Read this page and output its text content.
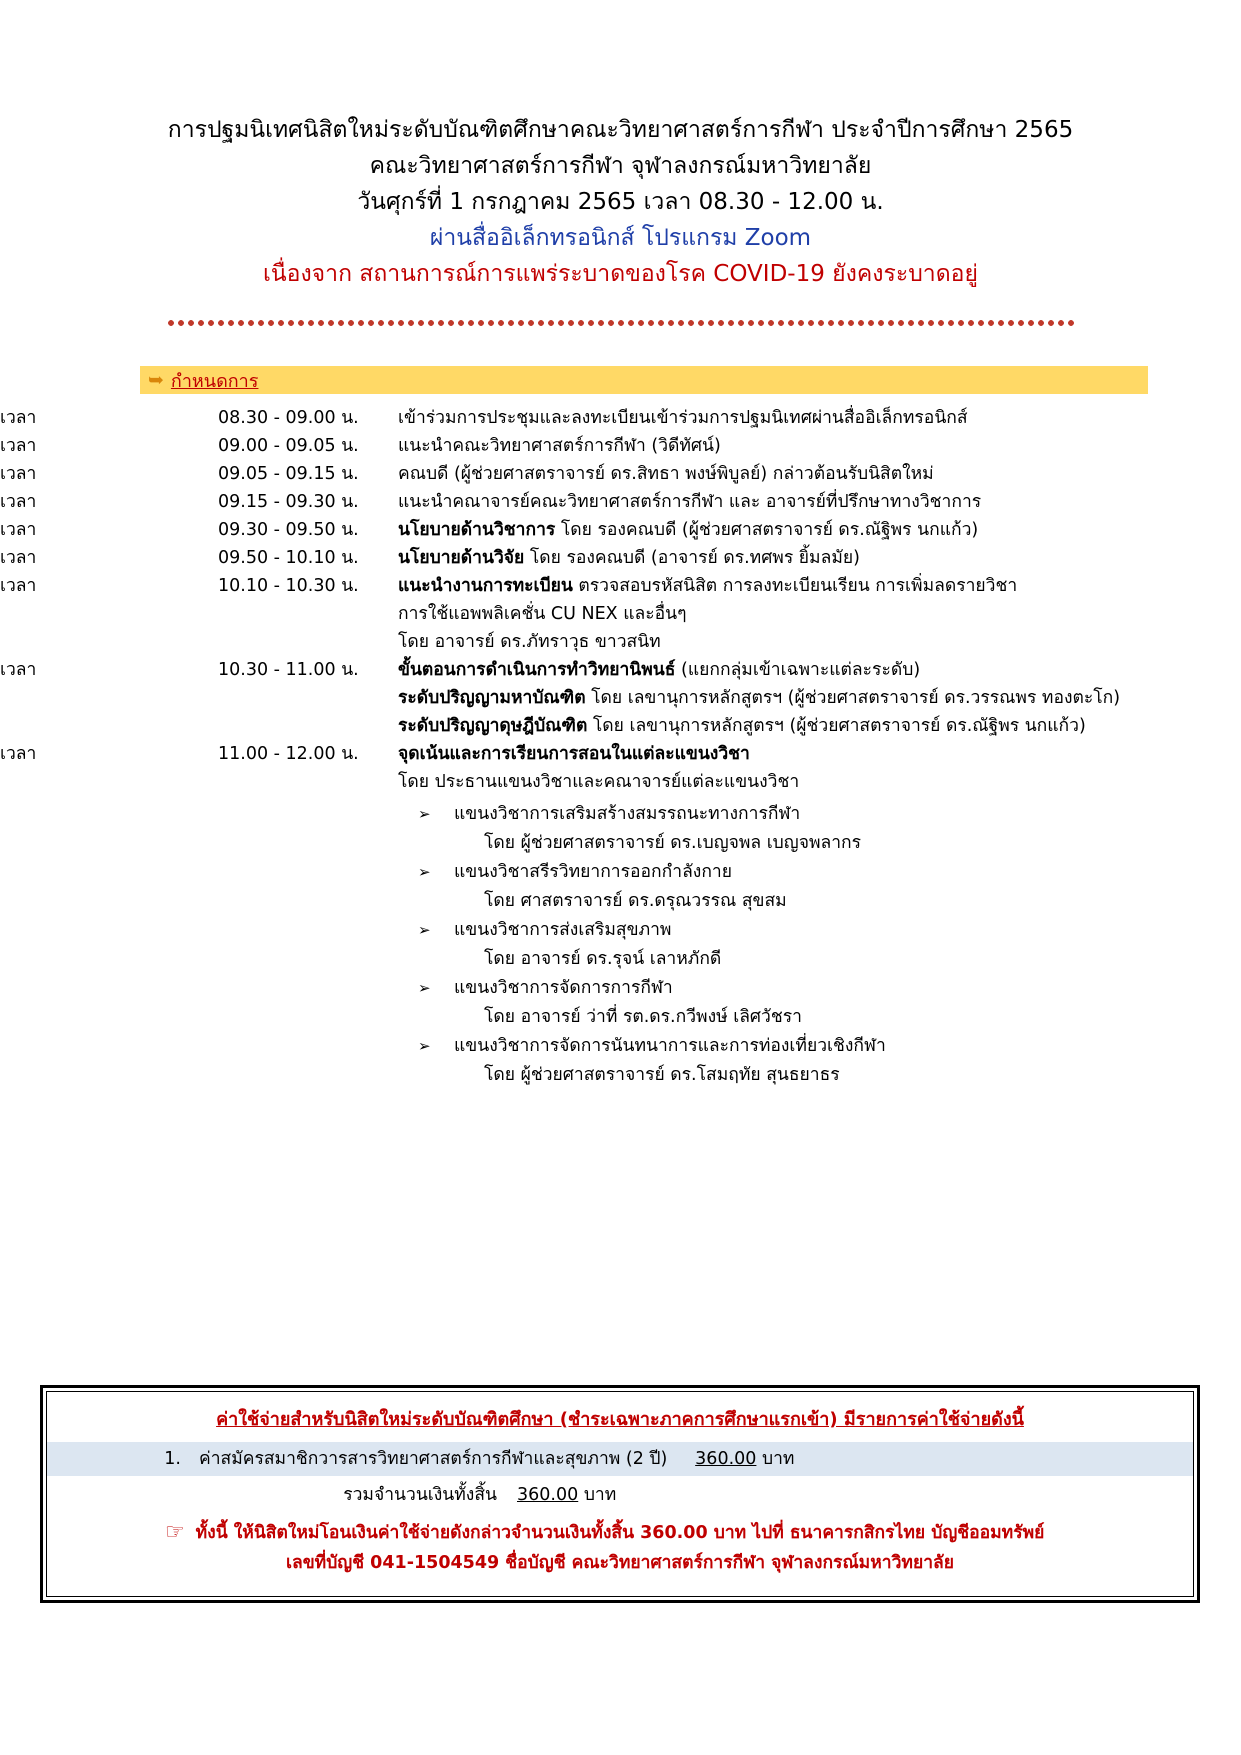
การปฐมนิเทศนิสิตใหม่ระดับบัณฑิตศึกษาคณะวิทยาศาสตร์การกีฬา ประจำปีการศึกษา 2565
คณะวิทยาศาสตร์การกีฬา จุฬาลงกรณ์มหาวิทยาลัย
วันศุกร์ที่ 1 กรกฎาคม 2565 เวลา 08.30 - 12.00 น.
ผ่านสื่ออิเล็กทรอนิกส์ โปรแกรม Zoom
เนื่องจาก สถานการณ์การแพร่ระบาดของโรค COVID-19 ยังคงระบาดอยู่
➥ กำหนดการ
เวลา	08.30 - 09.00 น.	เข้าร่วมการประชุมและลงทะเบียนเข้าร่วมการปฐมนิเทศผ่านสื่ออิเล็กทรอนิกส์

เวลา	09.00 - 09.05 น.	แนะนำคณะวิทยาศาสตร์การกีฬา (วิดีทัศน์)

เวลา	09.05 - 09.15 น.	คณบดี (ผู้ช่วยศาสตราจารย์ ดร.สิทธา พงษ์พิบูลย์) กล่าวต้อนรับนิสิตใหม่

เวลา	09.15 - 09.30 น.	แนะนำคณาจารย์คณะวิทยาศาสตร์การกีฬา และ อาจารย์ที่ปรึกษาทางวิชาการ

เวลา	09.30 - 09.50 น.	นโยบายด้านวิชาการ โดย รองคณบดี (ผู้ช่วยศาสตราจารย์ ดร.ณัฐิพร นกแก้ว)

เวลา	09.50 - 10.10 น.	นโยบายด้านวิจัย โดย รองคณบดี (อาจารย์ ดร.ทศพร ยิ้มลมัย)

เวลา	10.10 - 10.30 น.	แนะนำงานการทะเบียน ตรวจสอบรหัสนิสิต การลงทะเบียนเรียน การเพิ่มลดรายวิชา
การใช้แอพพลิเคชั่น CU NEX และอื่นๆ
โดย อาจารย์ ดร.ภัทราวุธ ขาวสนิท

เวลา	10.30 - 11.00 น.	ขั้นตอนการดำเนินการทำวิทยานิพนธ์ (แยกกลุ่มเข้าเฉพาะแต่ละระดับ)
ระดับปริญญามหาบัณฑิต โดย เลขานุการหลักสูตรฯ (ผู้ช่วยศาสตราจารย์ ดร.วรรณพร ทองตะโก)
ระดับปริญญาดุษฎีบัณฑิต โดย เลขานุการหลักสูตรฯ (ผู้ช่วยศาสตราจารย์ ดร.ณัฐิพร นกแก้ว)

เวลา	11.00 - 12.00 น.	จุดเน้นและการเรียนการสอนในแต่ละแขนงวิชา
โดย ประธานแขนงวิชาและคณาจารย์แต่ละแขนงวิชา
➢ แขนงวิชาการเสริมสร้างสมรรถนะทางการกีฬา
โดย ผู้ช่วยศาสตราจารย์ ดร.เบญจพล เบญจพลากร
➢ แขนงวิชาสรีรวิทยาการออกกำลังกาย
โดย ศาสตราจารย์ ดร.ดรุณวรรณ สุขสม
➢ แขนงวิชาการส่งเสริมสุขภาพ
โดย อาจารย์ ดร.รุจน์ เลาหภักดี
➢ แขนงวิชาการจัดการการกีฬา
โดย อาจารย์ ว่าที่ รต.ดร.กวีพงษ์ เลิศวัชรา
➢ แขนงวิชาการจัดการนันทนาการและการท่องเที่ยวเชิงกีฬา
โดย ผู้ช่วยศาสตราจารย์ ดร.โสมฤทัย สุนธยาธร
ค่าใช้จ่ายสำหรับนิสิตใหม่ระดับบัณฑิตศึกษา (ชำระเฉพาะภาคการศึกษาแรกเข้า) มีรายการค่าใช้จ่ายดังนี้
1.	ค่าสมัครสมาชิกวารสารวิทยาศาสตร์การกีฬาและสุขภาพ (2 ปี) 360.00 บาท
รวมจำนวนเงินทั้งสิ้น	360.00 บาท
☞ ทั้งนี้ ให้นิสิตใหม่โอนเงินค่าใช้จ่ายดังกล่าวจำนวนเงินทั้งสิ้น 360.00 บาท ไปที่ ธนาคารกสิกรไทย บัญชีออมทรัพย์
เลขที่บัญชี 041-1504549 ชื่อบัญชี คณะวิทยาศาสตร์การกีฬา จุฬาลงกรณ์มหาวิทยาลัย
